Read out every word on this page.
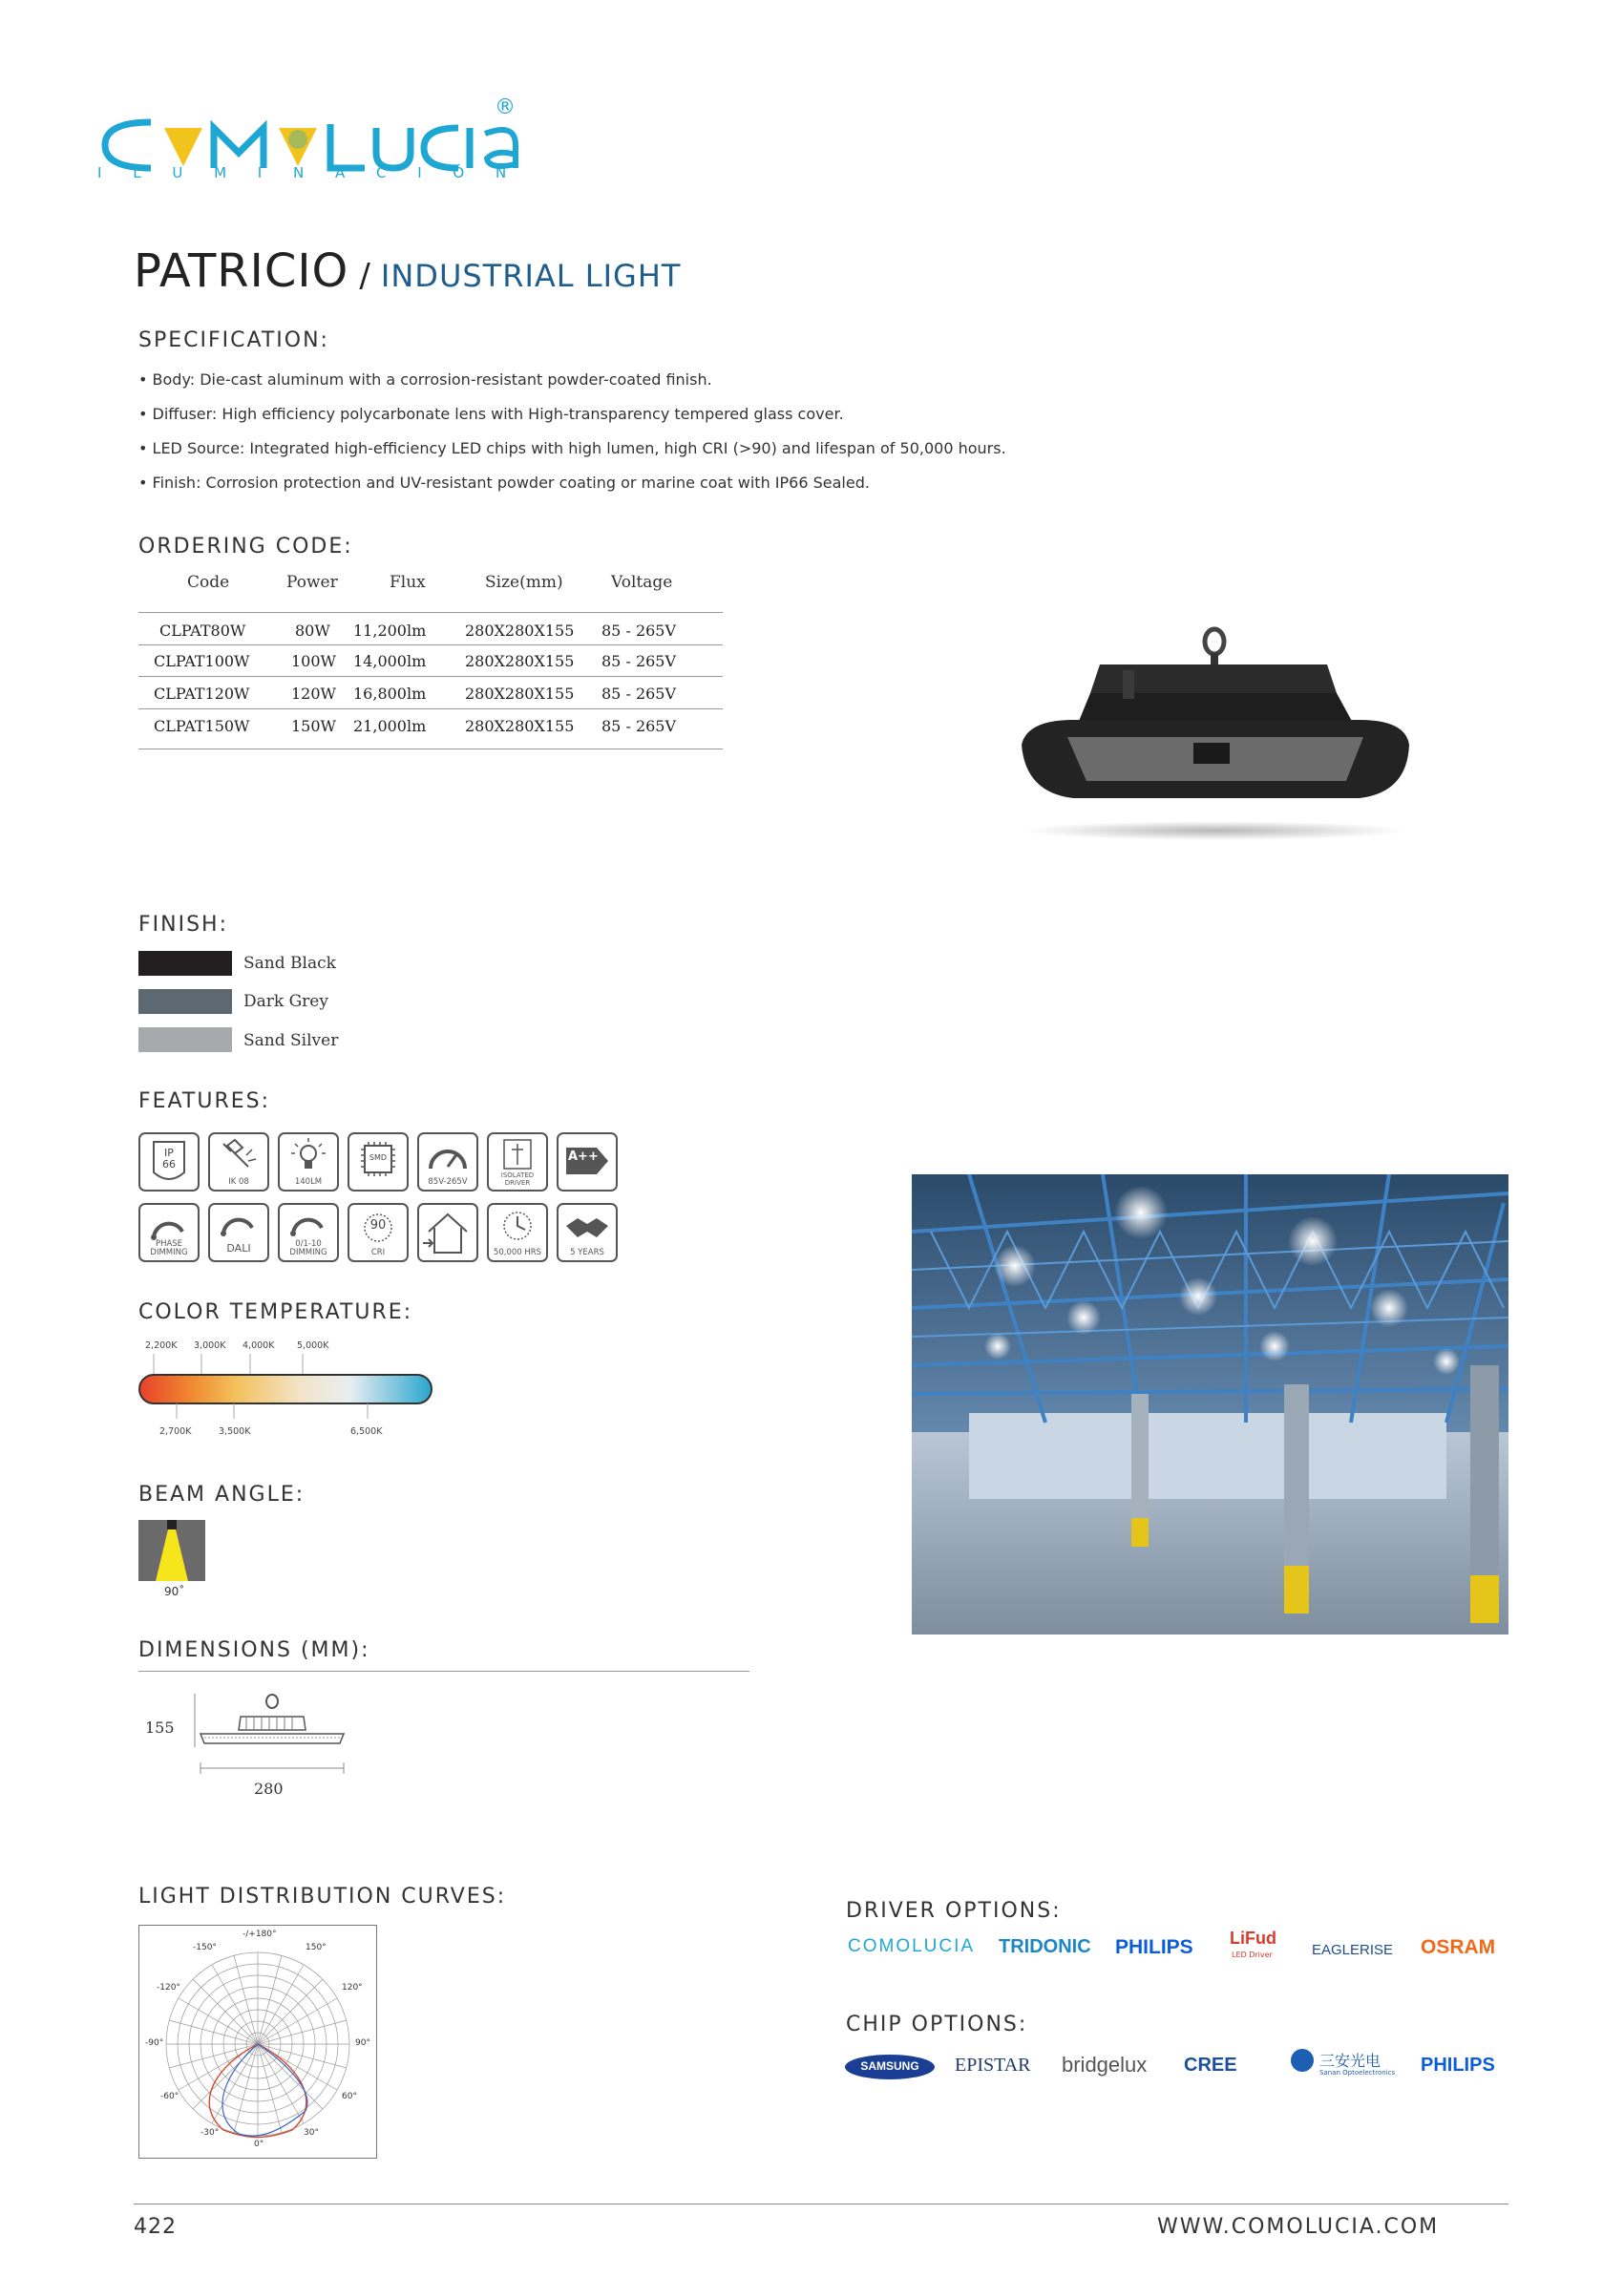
®
I L U M I N A C I Ó N
PATRICIO / INDUSTRIAL LIGHT
SPECIFICATION:
• Body: Die-cast aluminum with a corrosion-resistant powder-coated finish.
• Diffuser: High efficiency polycarbonate lens with High-transparency tempered glass cover.
• LED Source: Integrated high-efficiency LED chips with high lumen, high CRI (>90) and lifespan of 50,000 hours.
• Finish: Corrosion protection and UV-resistant powder coating or marine coat with IP66 Sealed.
ORDERING CODE:
Code	Power	Flux	Size(mm)	Voltage
CLPAT80W	80W 11,200lm	280X280X155 85 - 265V
CLPAT100W	100W 14,000lm	280X280X155 85 - 265V
CLPAT120W	120W 16,800lm	280X280X155 85 - 265V
CLPAT150W	150W 21,000lm	280X280X155 85 - 265V
FINISH:
Sand Black
Dark Grey
Sand Silver
FEATURES:
IP 66
IK 08	140LM
SMD
85V-265V
ISOLATED DRIVER
A++
PHASE DIMMING	DALI	0/1-10 DIMMING
90
CRI	50,000 HRS	5 YEARS
COLOR TEMPERATURE:
2,200K 3,000K 4,000K 5,000K
2,700K	3,500K	6,500K
BEAM ANGLE:
90˚
DIMENSIONS (MM):
155
280
LIGHT DISTRIBUTION CURVES:
-/+180°
-150°	150°
-120°	120°
-90°	90°
-60°	60°
-30°	30°
0°
DRIVER OPTIONS:
COMOLUCIA TRIDONIC PHILIPS LiFud
LED Driver	EAGLERISE OSRAM
CHIP OPTIONS:
SAMSUNG	EPISTAR bridgelux CREE	三安光电
Sanan Optoelectronics PHILIPS
422	WWW.COMOLUCIA.COM
